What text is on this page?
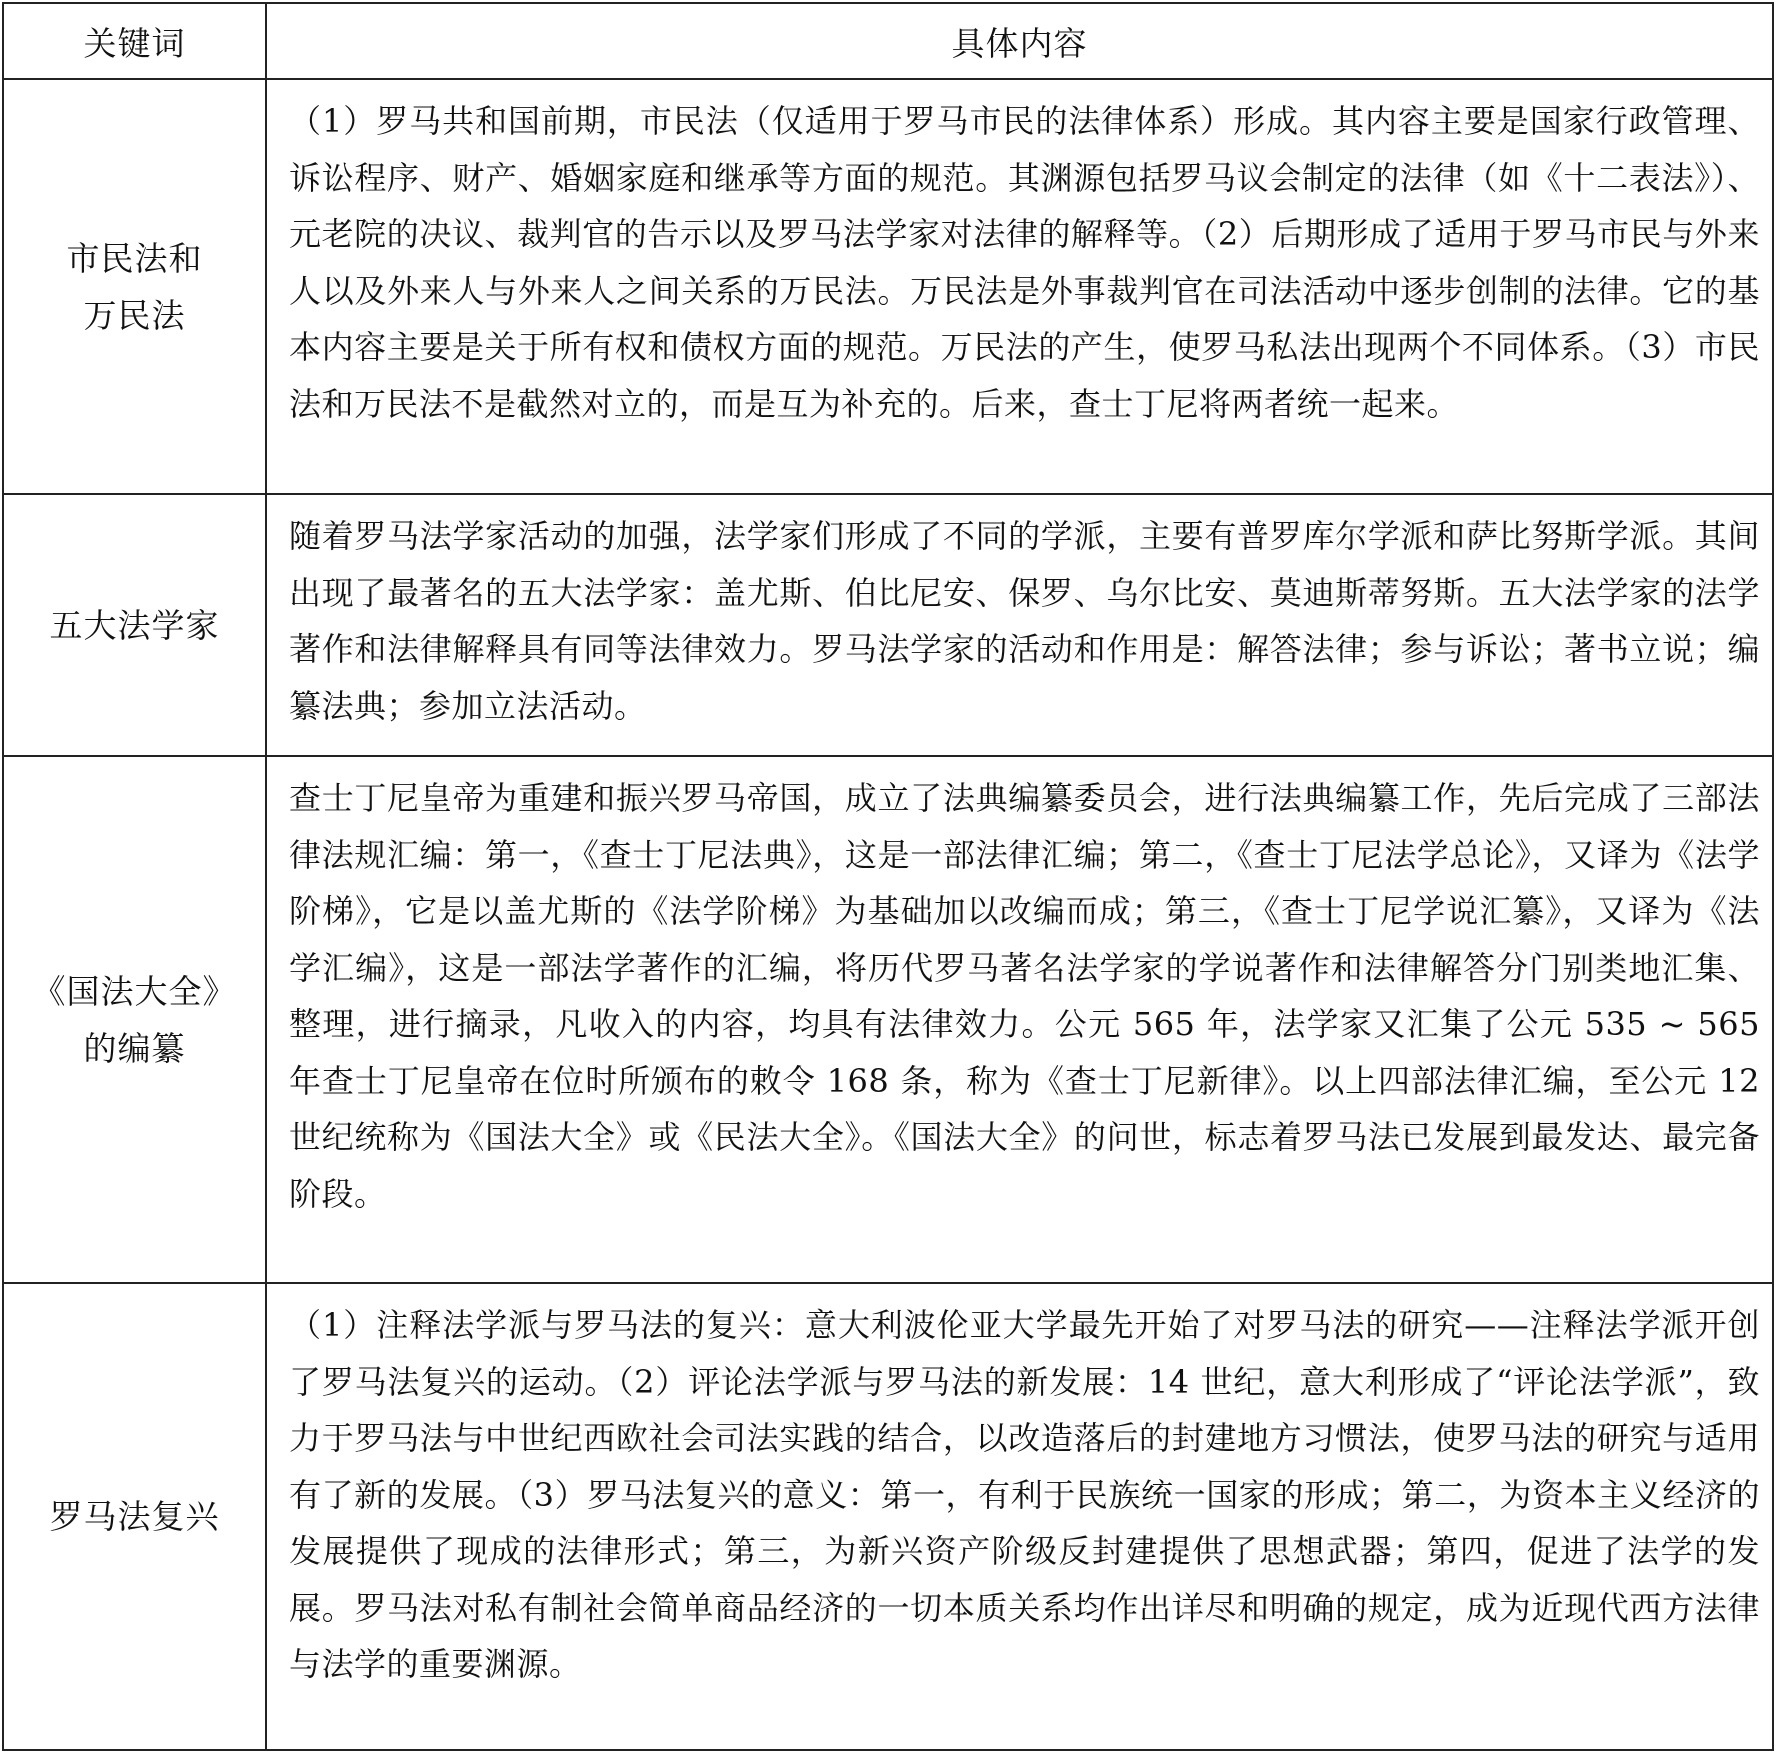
关键词	具体内容
市民法和
万民法
（1）罗马共和国前期，市民法（仅适用于罗马市民的法律体系）形成。其内容主要是国家行政管理、诉讼程序、财产、婚姻家庭和继承等方面的规范。其渊源包括罗马议会制定的法律（如《十二表法》）、元老院的决议、裁判官的告示以及罗马法学家对法律的解释等。（2）后期形成了适用于罗马市民与外来人以及外来人与外来人之间关系的万民法。万民法是外事裁判官在司法活动中逐步创制的法律。它的基本内容主要是关于所有权和债权方面的规范。万民法的产生，使罗马私法出现两个不同体系。（3）市民法和万民法不是截然对立的，而是互为补充的。后来，查士丁尼将两者统一起来。
五大法学家
随着罗马法学家活动的加强，法学家们形成了不同的学派，主要有普罗库尔学派和萨比努斯学派。其间出现了最著名的五大法学家：盖尤斯、伯比尼安、保罗、乌尔比安、莫迪斯蒂努斯。五大法学家的法学著作和法律解释具有同等法律效力。罗马法学家的活动和作用是：解答法律；参与诉讼；著书立说；编纂法典；参加立法活动。
《国法大全》
的编纂
查士丁尼皇帝为重建和振兴罗马帝国，成立了法典编纂委员会，进行法典编纂工作，先后完成了三部法律法规汇编：第一，《查士丁尼法典》，这是一部法律汇编；第二，《查士丁尼法学总论》，又译为《法学阶梯》，它是以盖尤斯的《法学阶梯》为基础加以改编而成；第三，《查士丁尼学说汇纂》，又译为《法学汇编》，这是一部法学著作的汇编，将历代罗马著名法学家的学说著作和法律解答分门别类地汇集、整理，进行摘录，凡收入的内容，均具有法律效力。公元 565 年，法学家又汇集了公元 535 ~ 565 年查士丁尼皇帝在位时所颁布的敕令 168 条，称为《查士丁尼新律》。以上四部法律汇编，至公元 12 世纪统称为《国法大全》或《民法大全》。《国法大全》的问世，标志着罗马法已发展到最发达、最完备阶段。
罗马法复兴
（1）注释法学派与罗马法的复兴：意大利波伦亚大学最先开始了对罗马法的研究——注释法学派开创了罗马法复兴的运动。（2）评论法学派与罗马法的新发展：14 世纪，意大利形成了“评论法学派”，致力于罗马法与中世纪西欧社会司法实践的结合，以改造落后的封建地方习惯法，使罗马法的研究与适用有了新的发展。（3）罗马法复兴的意义：第一，有利于民族统一国家的形成；第二，为资本主义经济的发展提供了现成的法律形式；第三，为新兴资产阶级反封建提供了思想武器；第四，促进了法学的发展。罗马法对私有制社会简单商品经济的一切本质关系均作出详尽和明确的规定，成为近现代西方法律与法学的重要渊源。
